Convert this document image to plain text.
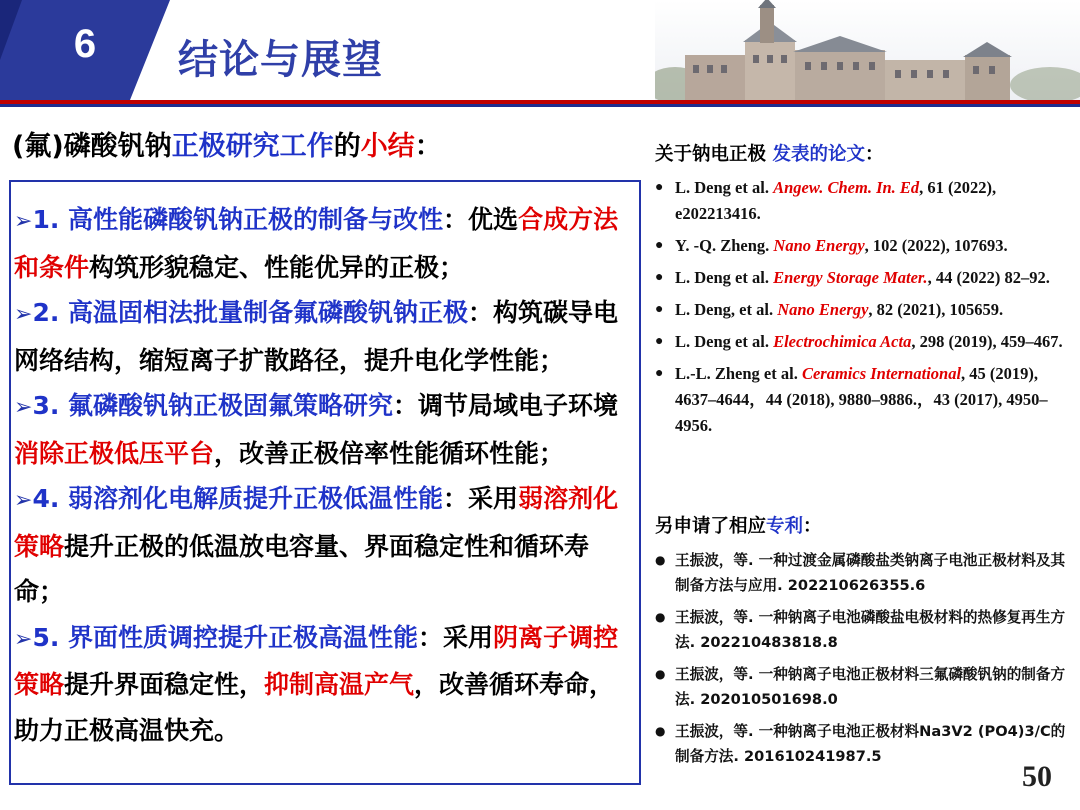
6	结论与展望
(氟)磷酸钒钠正极研究工作的小结：

➢1. 高性能磷酸钒钠正极的制备与改性：优选合成方法和条件构筑形貌稳定、性能优异的正极；

➢2. 高温固相法批量制备氟磷酸钒钠正极：构筑碳导电网络结构，缩短离子扩散路径，提升电化学性能；

➢3. 氟磷酸钒钠正极固氟策略研究：调节局域电子环境消除正极低压平台，改善正极倍率性能循环性能；

➢4. 弱溶剂化电解质提升正极低温性能：采用弱溶剂化策略提升正极的低温放电容量、界面稳定性和循环寿命；

➢5. 界面性质调控提升正极高温性能：采用阴离子调控策略提升界面稳定性，抑制高温产气，改善循环寿命，助力正极高温快充。

关于钠电正极 发表的论文：
● L. Deng et al. Angew. Chem. In. Ed, 61 (2022), e202213416.
● Y. -Q. Zheng. Nano Energy, 102 (2022), 107693.
● L. Deng et al. Energy Storage Mater., 44 (2022) 82–92.
● L. Deng, et al. Nano Energy, 82 (2021), 105659.
● L. Deng et al. Electrochimica Acta, 298 (2019), 459–467.
● L.-L. Zheng et al. Ceramics International, 45 (2019), 4637–4644，44 (2018), 9880–9886.，43 (2017), 4950–4956.
另申请了相应专利：
● 王振波，等. 一种过渡金属磷酸盐类钠离子电池正极材料及其制备方法与应用. 202210626355.6
● 王振波，等. 一种钠离子电池磷酸盐电极材料的热修复再生方法. 202210483818.8
● 王振波，等. 一种钠离子电池正极材料三氟磷酸钒钠的制备方法. 202010501698.0
● 王振波，等. 一种钠离子电池正极材料Na3V2 (PO4)3/C的制备方法. 201610241987.5
50
